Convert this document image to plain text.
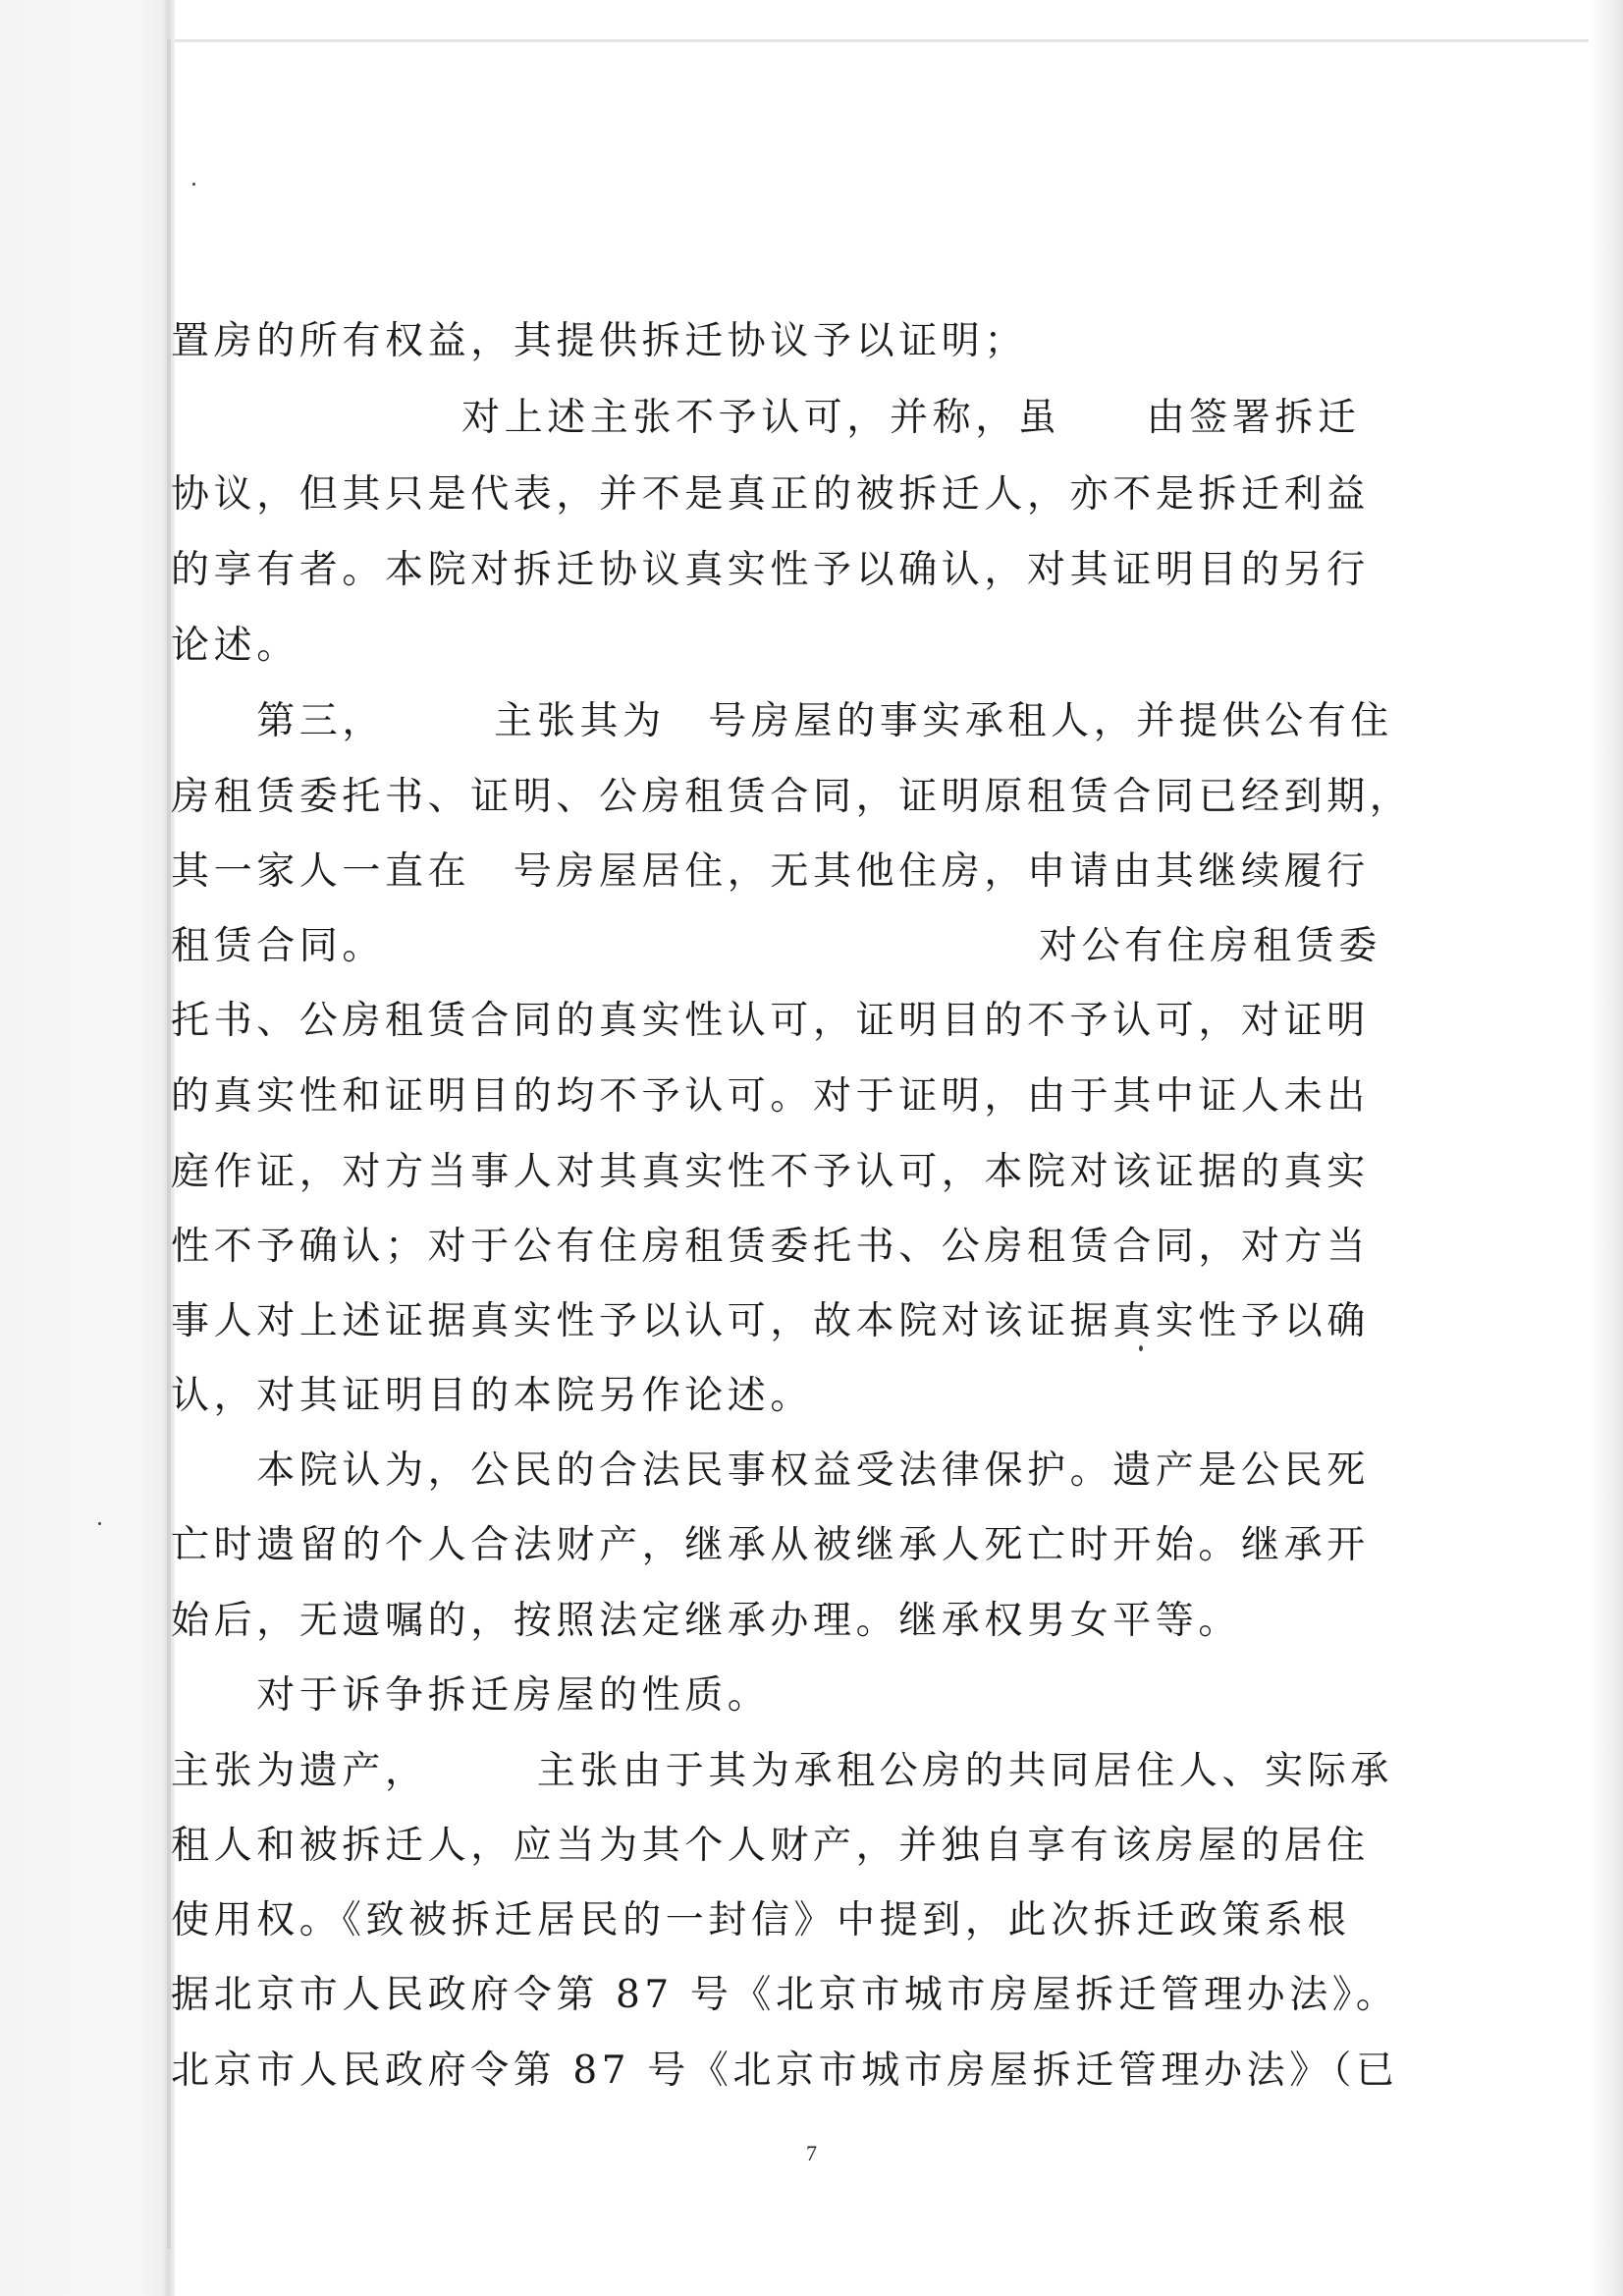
置房的所有权益，其提供拆迁协议予以证明；
对上述主张不予认可，并称，虽　　由签署拆迁
协议，但其只是代表，并不是真正的被拆迁人，亦不是拆迁利益
的享有者。本院对拆迁协议真实性予以确认，对其证明目的另行
论述。
　　第三，　　　主张其为　号房屋的事实承租人，并提供公有住
房租赁委托书、证明、公房租赁合同，证明原租赁合同已经到期，
其一家人一直在　号房屋居住，无其他住房，申请由其继续履行
租赁合同。	对公有住房租赁委
托书、公房租赁合同的真实性认可，证明目的不予认可，对证明
的真实性和证明目的均不予认可。对于证明，由于其中证人未出
庭作证，对方当事人对其真实性不予认可，本院对该证据的真实
性不予确认；对于公有住房租赁委托书、公房租赁合同，对方当
事人对上述证据真实性予以认可，故本院对该证据真实性予以确
认，对其证明目的本院另作论述。
　　本院认为，公民的合法民事权益受法律保护。遗产是公民死
亡时遗留的个人合法财产，继承从被继承人死亡时开始。继承开
始后，无遗嘱的，按照法定继承办理。继承权男女平等。
　　对于诉争拆迁房屋的性质。
主张为遗产，　　　主张由于其为承租公房的共同居住人、实际承
租人和被拆迁人，应当为其个人财产，并独自享有该房屋的居住
使用权。《致被拆迁居民的一封信》中提到，此次拆迁政策系根
据北京市人民政府令第 87 号《北京市城市房屋拆迁管理办法》。
北京市人民政府令第 87 号《北京市城市房屋拆迁管理办法》（已
7
